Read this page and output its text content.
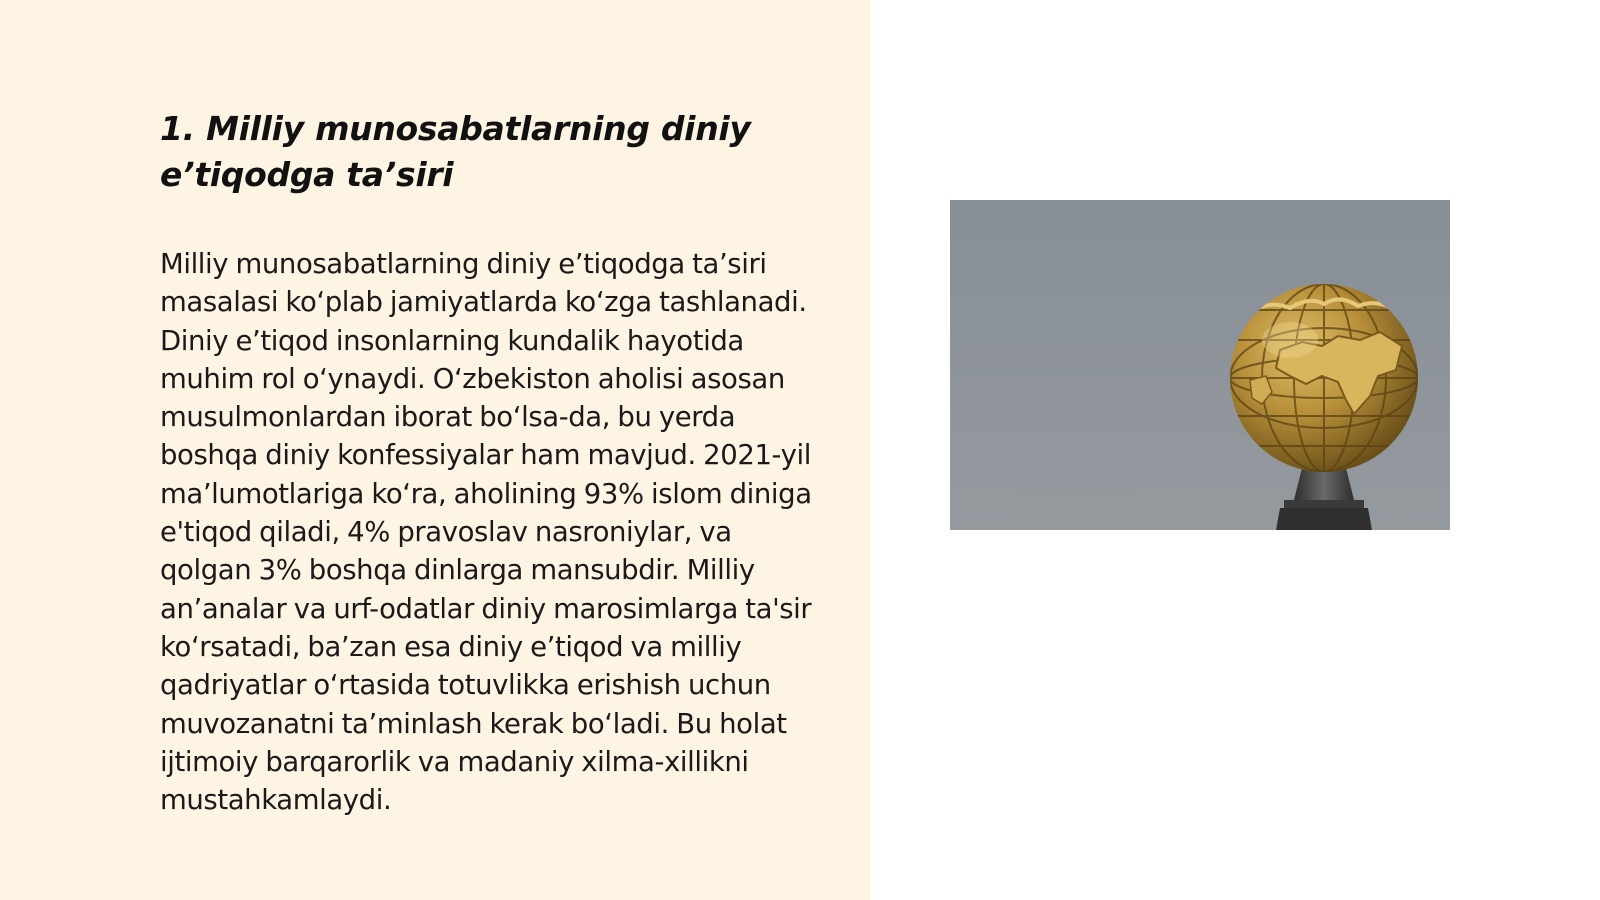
1. Milliy munosabatlarning diniy e’tiqodga ta’siri

Milliy munosabatlarning diniy e’tiqodga ta’siri masalasi ko‘plab jamiyatlarda ko‘zga tashlanadi. Diniy e’tiqod insonlarning kundalik hayotida muhim rol o‘ynaydi. O‘zbekiston aholisi asosan musulmonlardan iborat bo‘lsa-da, bu yerda boshqa diniy konfessiyalar ham mavjud. 2021-yil ma’lumotlariga ko‘ra, aholining 93% islom diniga e'tiqod qiladi, 4% pravoslav nasroniylar, va qolgan 3% boshqa dinlarga mansubdir. Milliy an’analar va urf-odatlar diniy marosimlarga ta'sir ko‘rsatadi, ba’zan esa diniy e’tiqod va milliy qadriyatlar o‘rtasida totuvlikka erishish uchun muvozanatni ta’minlash kerak bo‘ladi. Bu holat ijtimoiy barqarorlik va madaniy xilma-xillikni mustahkamlaydi.
